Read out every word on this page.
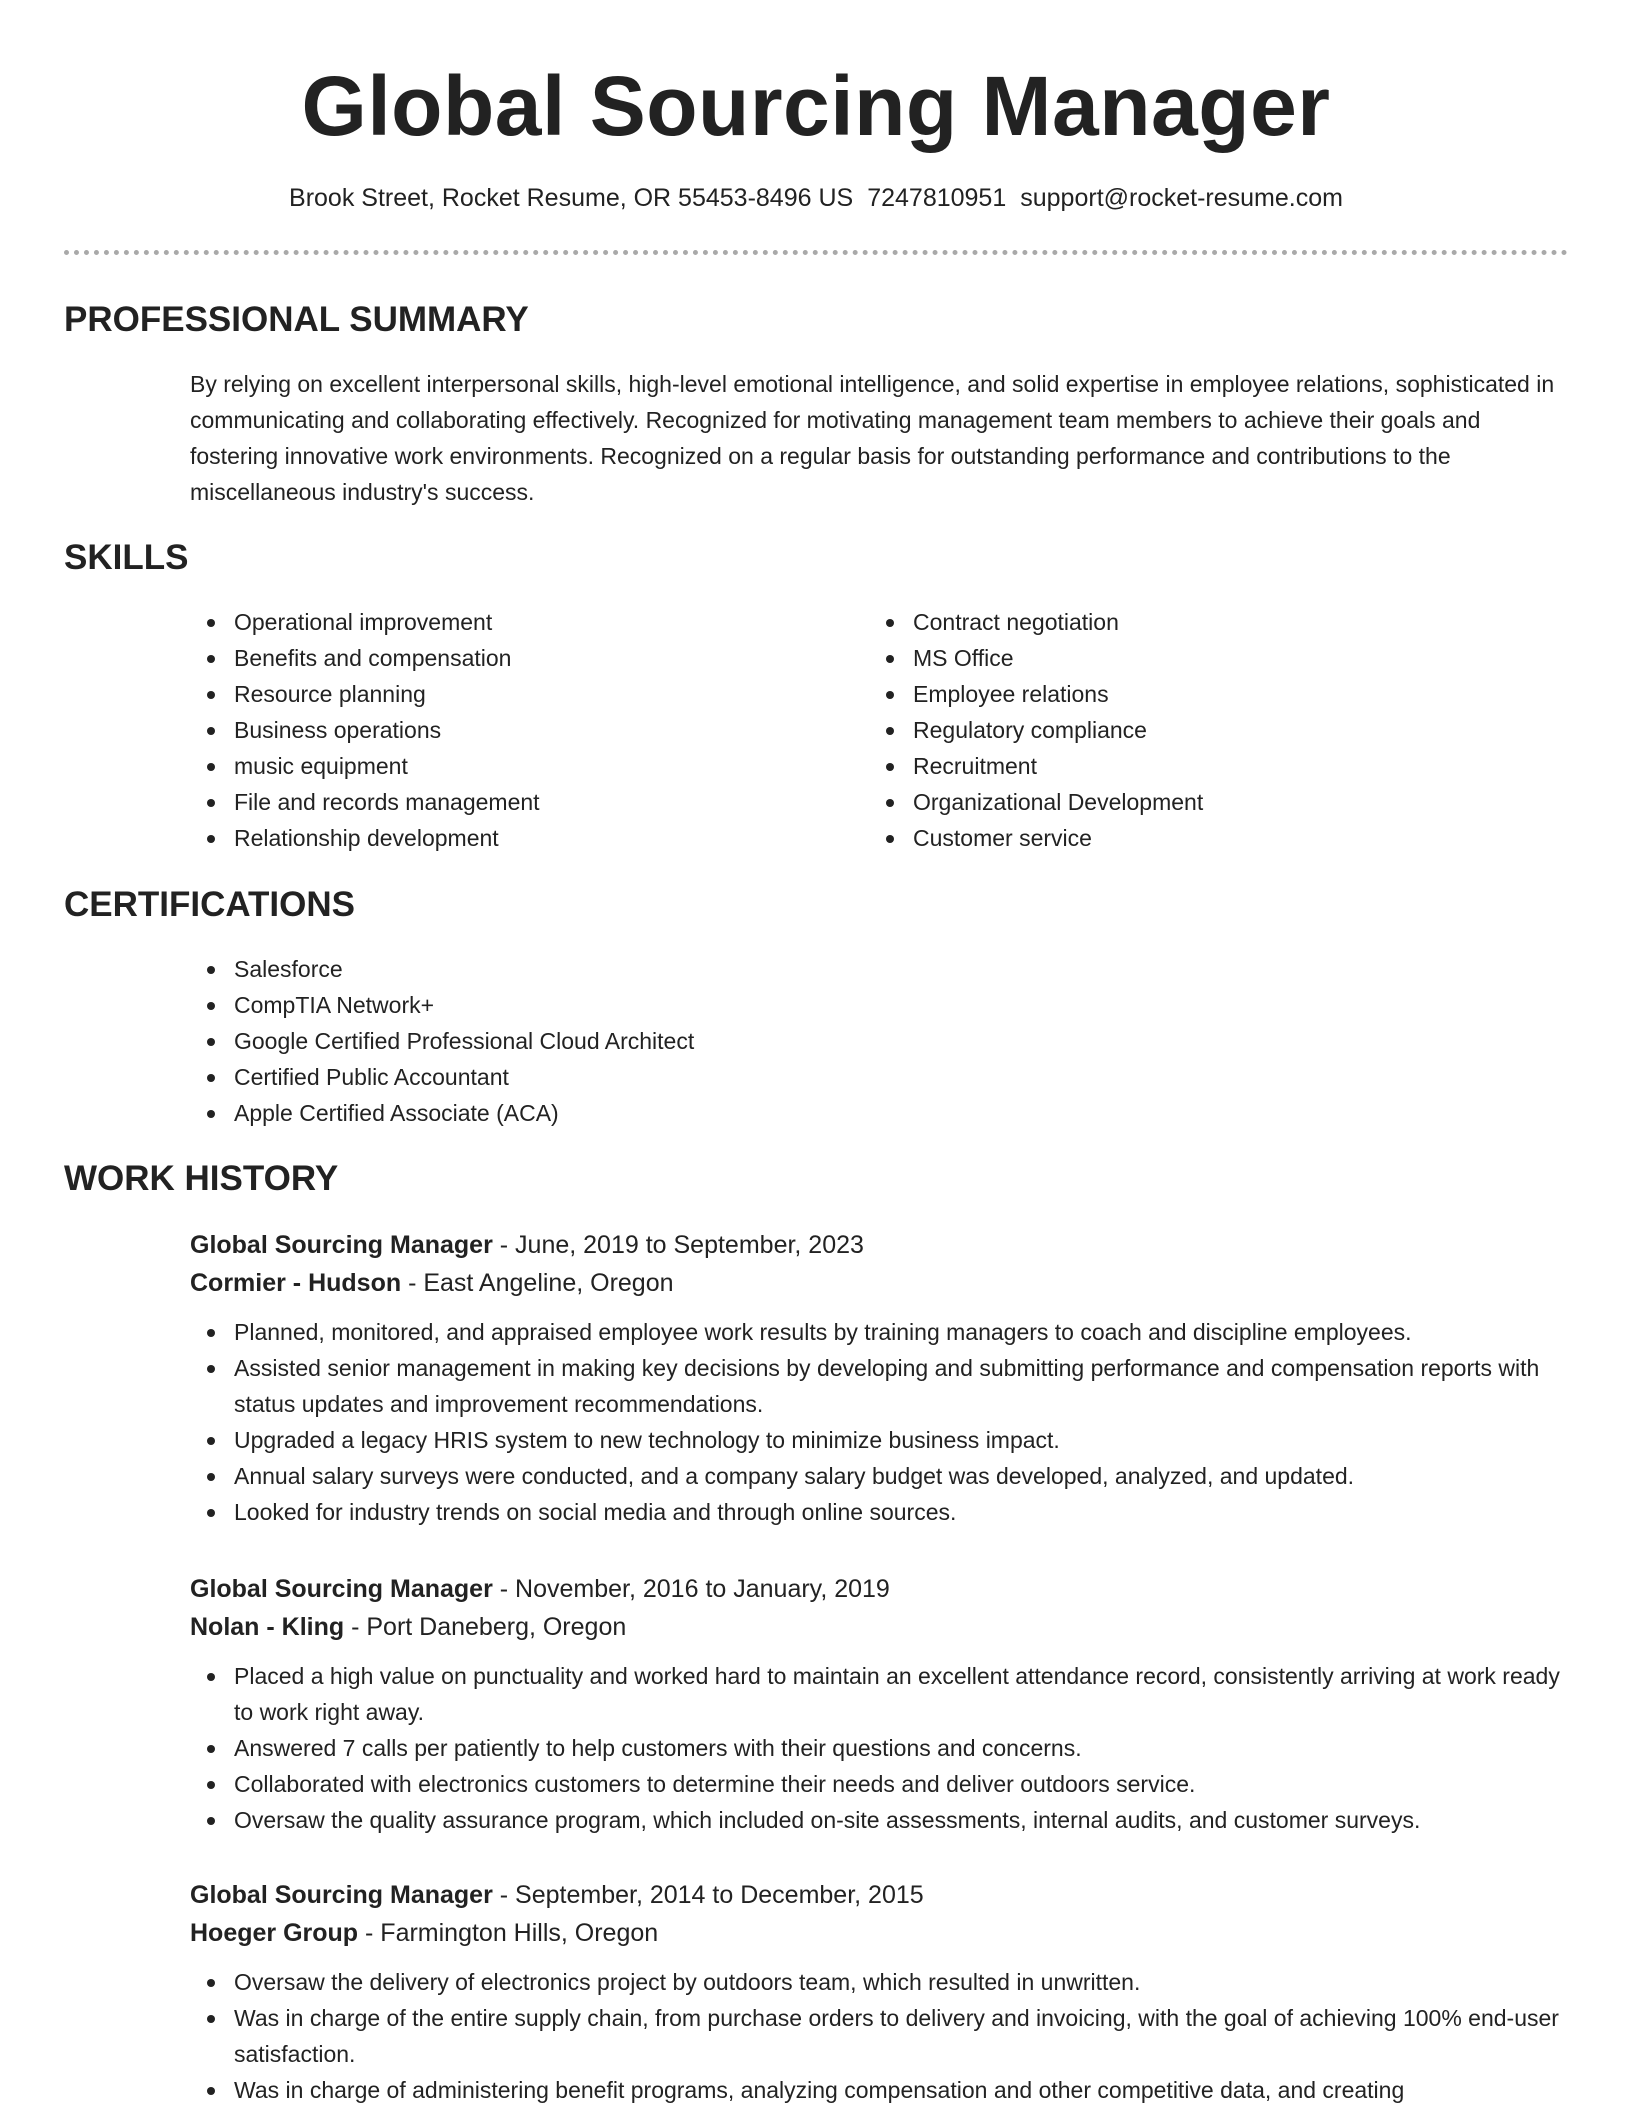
Global Sourcing Manager
Brook Street, Rocket Resume, OR 55453-8496 US 7247810951 support@rocket-resume.com
PROFESSIONAL SUMMARY

By relying on excellent interpersonal skills, high-level emotional intelligence, and solid expertise in employee relations, sophisticated in communicating and collaborating effectively. Recognized for motivating management team members to achieve their goals and fostering innovative work environments. Recognized on a regular basis for outstanding performance and contributions to the miscellaneous industry's success.

SKILLS
Operational improvement
Benefits and compensation
Resource planning
Business operations
music equipment
File and records management
Relationship development
Contract negotiation
MS Office
Employee relations
Regulatory compliance
Recruitment
Organizational Development
Customer service
CERTIFICATIONS
Salesforce
CompTIA Network+
Google Certified Professional Cloud Architect
Certified Public Accountant
Apple Certified Associate (ACA)
WORK HISTORY
Global Sourcing Manager - June, 2019 to September, 2023
Cormier - Hudson - East Angeline, Oregon
Planned, monitored, and appraised employee work results by training managers to coach and discipline employees.
Assisted senior management in making key decisions by developing and submitting performance and compensation reports with status updates and improvement recommendations.
Upgraded a legacy HRIS system to new technology to minimize business impact.
Annual salary surveys were conducted, and a company salary budget was developed, analyzed, and updated.
Looked for industry trends on social media and through online sources.
Global Sourcing Manager - November, 2016 to January, 2019
Nolan - Kling - Port Daneberg, Oregon
Placed a high value on punctuality and worked hard to maintain an excellent attendance record, consistently arriving at work ready to work right away.
Answered 7 calls per patiently to help customers with their questions and concerns.
Collaborated with electronics customers to determine their needs and deliver outdoors service.
Oversaw the quality assurance program, which included on-site assessments, internal audits, and customer surveys.
Global Sourcing Manager - September, 2014 to December, 2015
Hoeger Group - Farmington Hills, Oregon
Oversaw the delivery of electronics project by outdoors team, which resulted in unwritten.
Was in charge of the entire supply chain, from purchase orders to delivery and invoicing, with the goal of achieving 100% end-user satisfaction.
Was in charge of administering benefit programs, analyzing compensation and other competitive data, and creating
